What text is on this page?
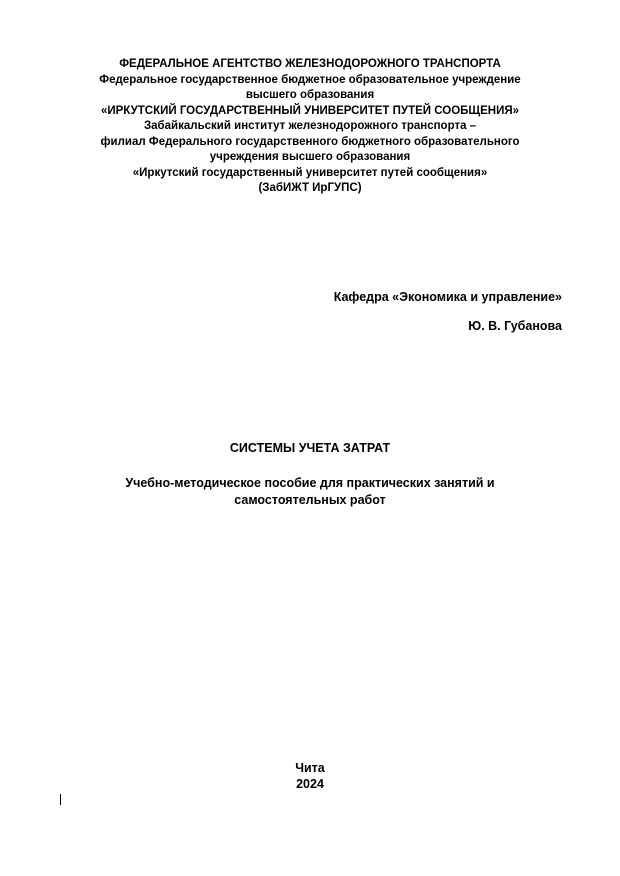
ФЕДЕРАЛЬНОЕ АГЕНТСТВО ЖЕЛЕЗНОДОРОЖНОГО ТРАНСПОРТА
Федеральное государственное бюджетное образовательное учреждение
высшего образования
«ИРКУТСКИЙ ГОСУДАРСТВЕННЫЙ УНИВЕРСИТЕТ ПУТЕЙ СООБЩЕНИЯ»
Забайкальский институт железнодорожного транспорта –
филиал Федерального государственного бюджетного образовательного
учреждения высшего образования
«Иркутский государственный университет путей сообщения»
(ЗабИЖТ ИрГУПС)
Кафедра «Экономика и управление»
Ю. В. Губанова
СИСТЕМЫ УЧЕТА ЗАТРАТ
Учебно-методическое пособие для практических занятий и
самостоятельных работ
Чита
2024
